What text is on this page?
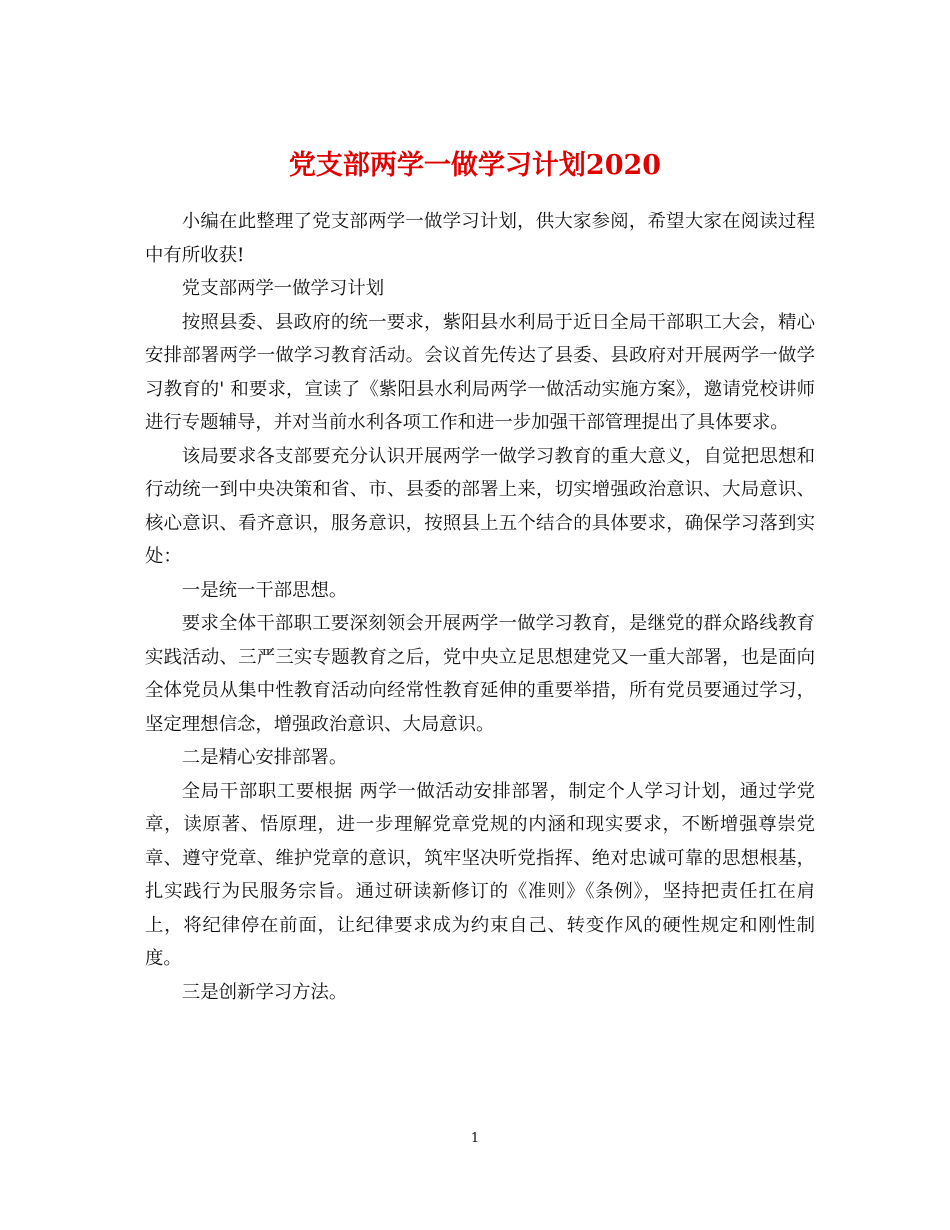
党支部两学一做学习计划2020

小编在此整理了党支部两学一做学习计划，供大家参阅，希望大家在阅读过程中有所收获!

党支部两学一做学习计划

按照县委、县政府的统一要求，紫阳县水利局于近日全局干部职工大会，精心安排部署两学一做学习教育活动。会议首先传达了县委、县政府对开展两学一做学习教育的' 和要求，宣读了《紫阳县水利局两学一做活动实施方案》，邀请党校讲师进行专题辅导，并对当前水利各项工作和进一步加强干部管理提出了具体要求。

该局要求各支部要充分认识开展两学一做学习教育的重大意义，自觉把思想和行动统一到中央决策和省、市、县委的部署上来，切实增强政治意识、大局意识、核心意识、看齐意识，服务意识，按照县上五个结合的具体要求，确保学习落到实处：

一是统一干部思想。

要求全体干部职工要深刻领会开展两学一做学习教育，是继党的群众路线教育实践活动、三严三实专题教育之后，党中央立足思想建党又一重大部署，也是面向全体党员从集中性教育活动向经常性教育延伸的重要举措，所有党员要通过学习，坚定理想信念，增强政治意识、大局意识。

二是精心安排部署。

全局干部职工要根据 两学一做活动安排部署，制定个人学习计划，通过学党章，读原著、悟原理，进一步理解党章党规的内涵和现实要求，不断增强尊崇党章、遵守党章、维护党章的意识，筑牢坚决听党指挥、绝对忠诚可靠的思想根基，扎实践行为民服务宗旨。通过研读新修订的《准则》《条例》，坚持把责任扛在肩上，将纪律停在前面，让纪律要求成为约束自己、转变作风的硬性规定和刚性制度。

三是创新学习方法。

1
